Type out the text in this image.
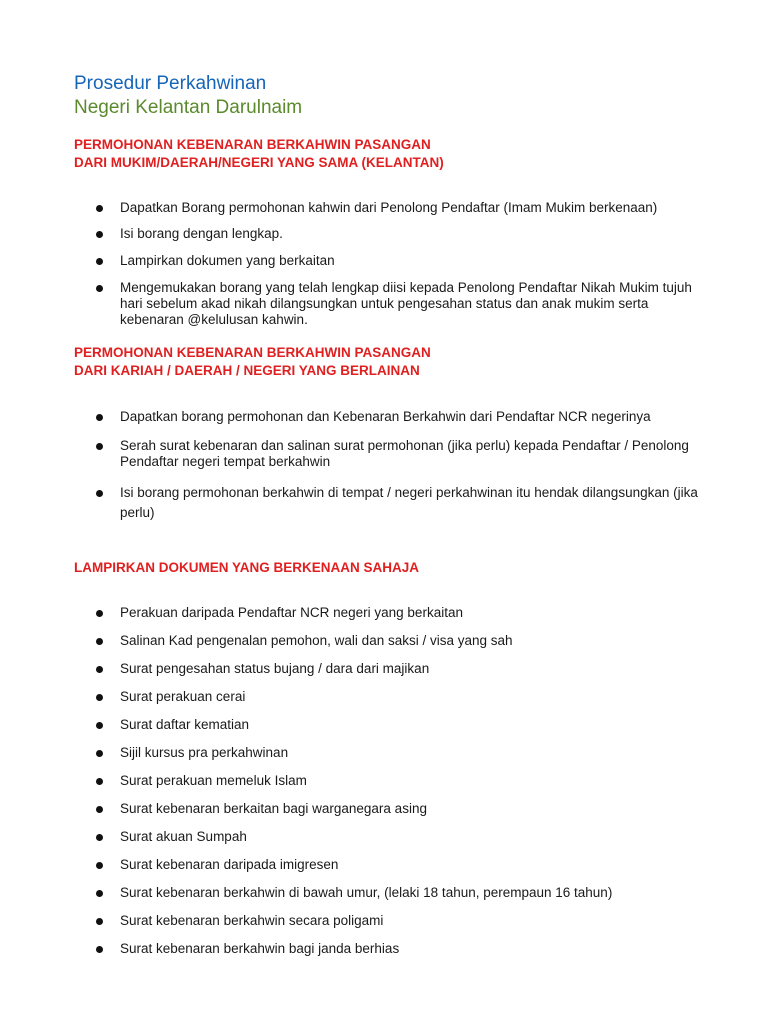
Prosedur Perkahwinan
Negeri Kelantan Darulnaim

PERMOHONAN KEBENARAN BERKAHWIN PASANGAN
DARI MUKIM/DAERAH/NEGERI YANG SAMA (KELANTAN)

Dapatkan Borang permohonan kahwin dari Penolong Pendaftar (Imam Mukim berkenaan)
Isi borang dengan lengkap.
Lampirkan dokumen yang berkaitan
Mengemukakan borang yang telah lengkap diisi kepada Penolong Pendaftar Nikah Mukim tujuh hari sebelum akad nikah dilangsungkan untuk pengesahan status dan anak mukim serta kebenaran @kelulusan kahwin.

PERMOHONAN KEBENARAN BERKAHWIN PASANGAN
DARI KARIAH / DAERAH / NEGERI YANG BERLAINAN

Dapatkan borang permohonan dan Kebenaran Berkahwin dari Pendaftar NCR negerinya
Serah surat kebenaran dan salinan surat permohonan (jika perlu) kepada Pendaftar / Penolong Pendaftar negeri tempat berkahwin
Isi borang permohonan berkahwin di tempat / negeri perkahwinan itu hendak dilangsungkan (jika perlu)

LAMPIRKAN DOKUMEN YANG BERKENAAN SAHAJA

Perakuan daripada Pendaftar NCR negeri yang berkaitan
Salinan Kad pengenalan pemohon, wali dan saksi / visa yang sah
Surat pengesahan status bujang / dara dari majikan
Surat perakuan cerai
Surat daftar kematian
Sijil kursus pra perkahwinan
Surat perakuan memeluk Islam
Surat kebenaran berkaitan bagi warganegara asing
Surat akuan Sumpah
Surat kebenaran daripada imigresen
Surat kebenaran berkahwin di bawah umur, (lelaki 18 tahun, perempaun 16 tahun)
Surat kebenaran berkahwin secara poligami
Surat kebenaran berkahwin bagi janda berhias
